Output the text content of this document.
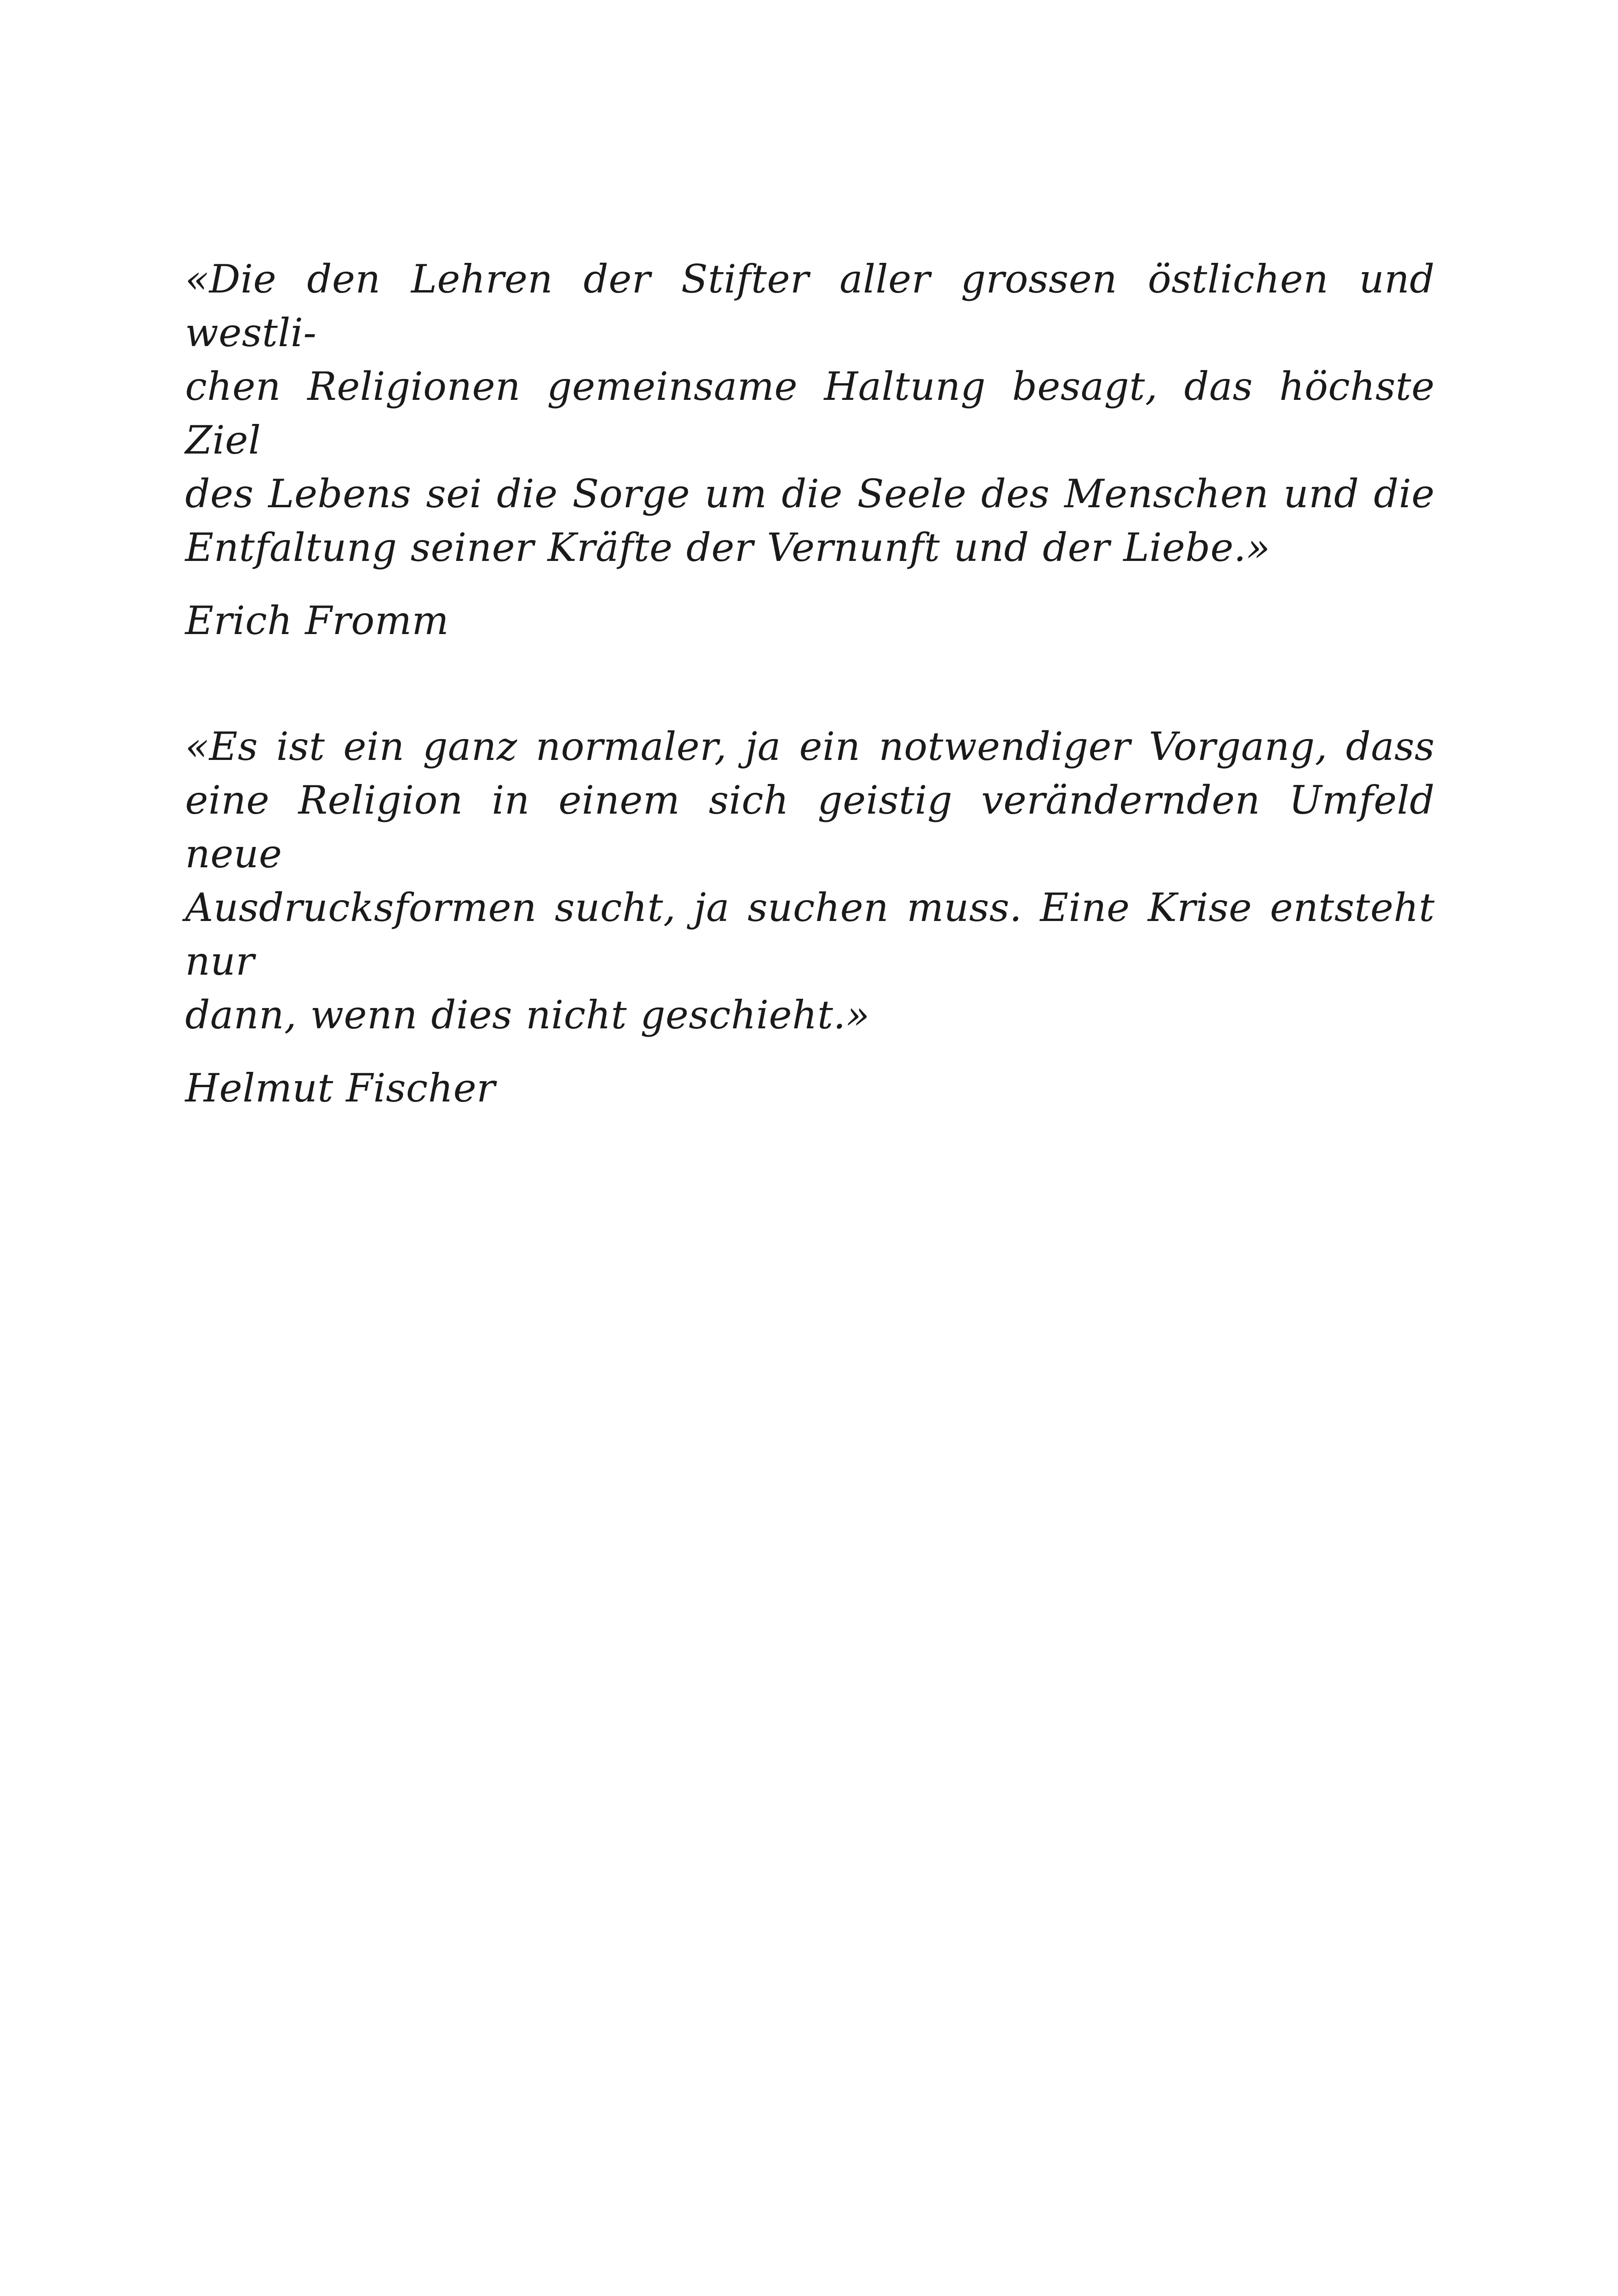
«Die den Lehren der Stifter aller grossen östlichen und westli-
chen Religionen gemeinsame Haltung besagt, das höchste Ziel
des Lebens sei die Sorge um die Seele des Menschen und die
Entfaltung seiner Kräfte der Vernunft und der Liebe.»

Erich Fromm

«Es ist ein ganz normaler, ja ein notwendiger Vorgang, dass
eine Religion in einem sich geistig verändernden Umfeld neue
Ausdrucksformen sucht, ja suchen muss. Eine Krise entsteht nur
dann, wenn dies nicht geschieht.»

Helmut Fischer
